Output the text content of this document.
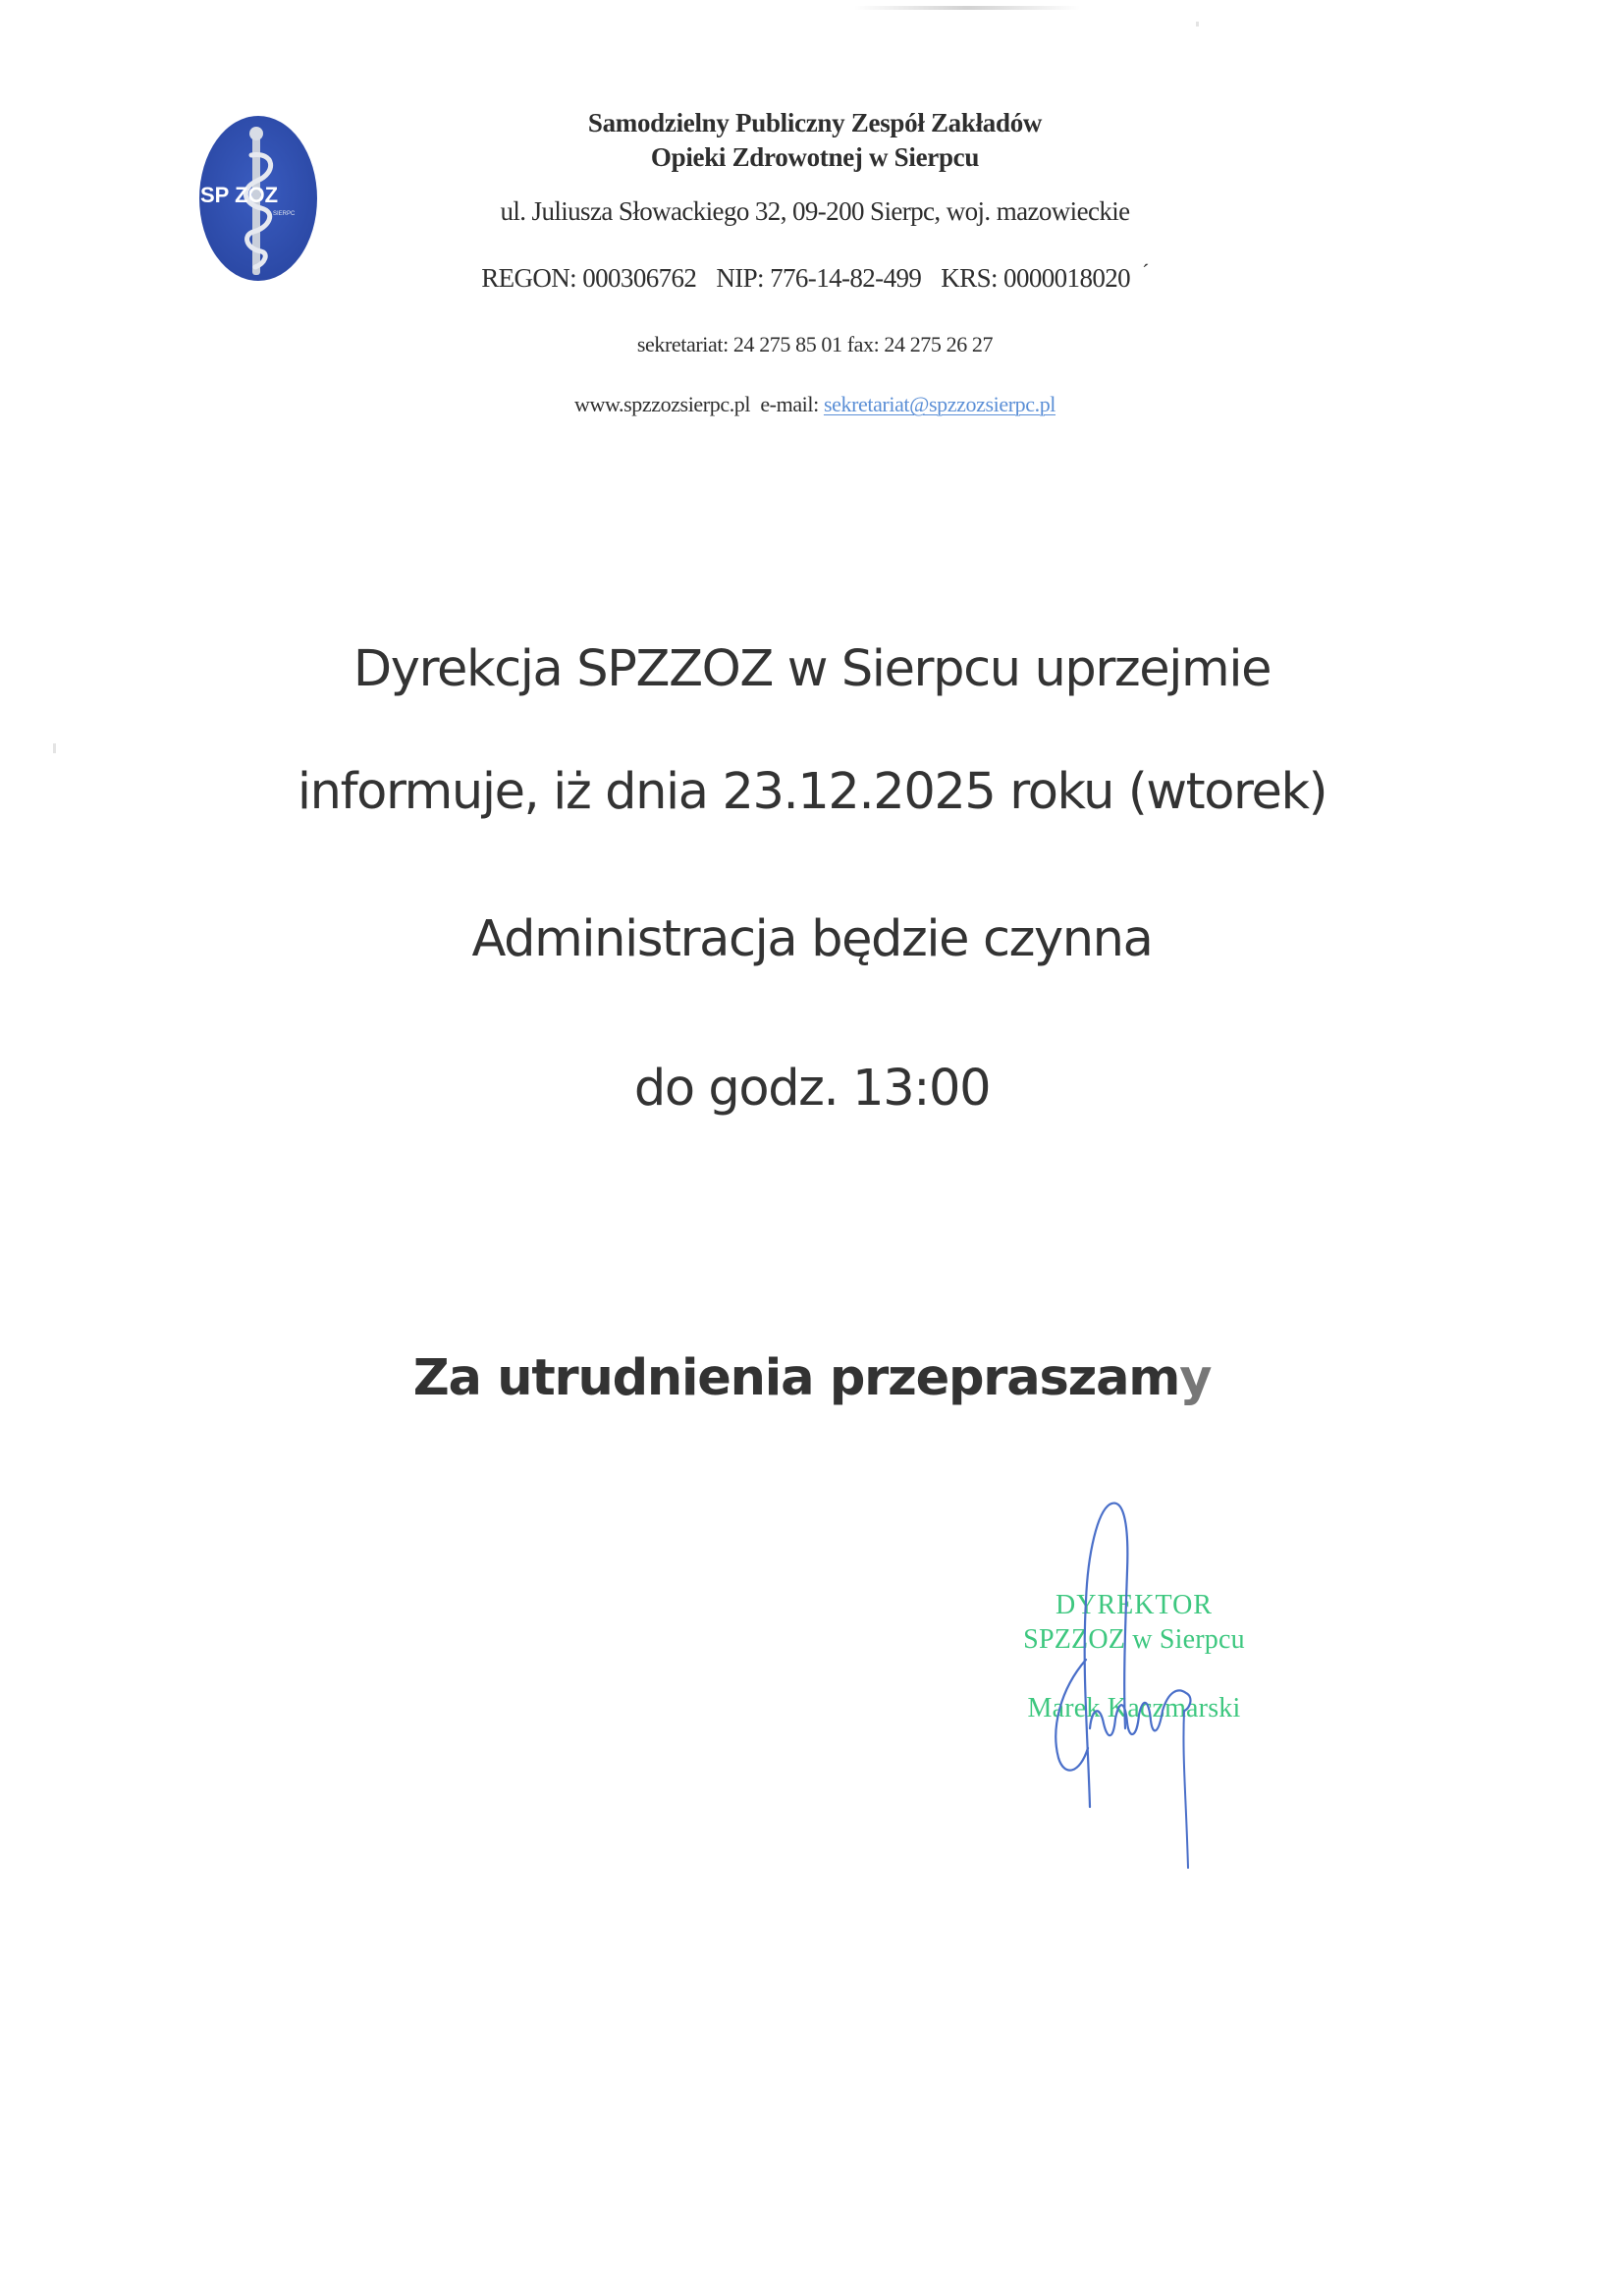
SP ZOZ
SIERPC
Samodzielny Publiczny Zespół Zakładów
Opieki Zdrowotnej w Sierpcu
ul. Juliusza Słowackiego 32, 09-200 Sierpc, woj. mazowieckie
REGON: 000306762 NIP: 776-14-82-499 KRS: 0000018020 ´
sekretariat: 24 275 85 01 fax: 24 275 26 27
www.spzzozsierpc.pl e-mail: sekretariat@spzzozsierpc.pl
Dyrekcja SPZZOZ w Sierpcu uprzejmie
informuje, iż dnia 23.12.2025 roku (wtorek)
Administracja będzie czynna
do godz. 13:00
Za utrudnienia przepraszamy
DYREKTOR
SPZZOZ w Sierpcu
Marek Kaczmarski
